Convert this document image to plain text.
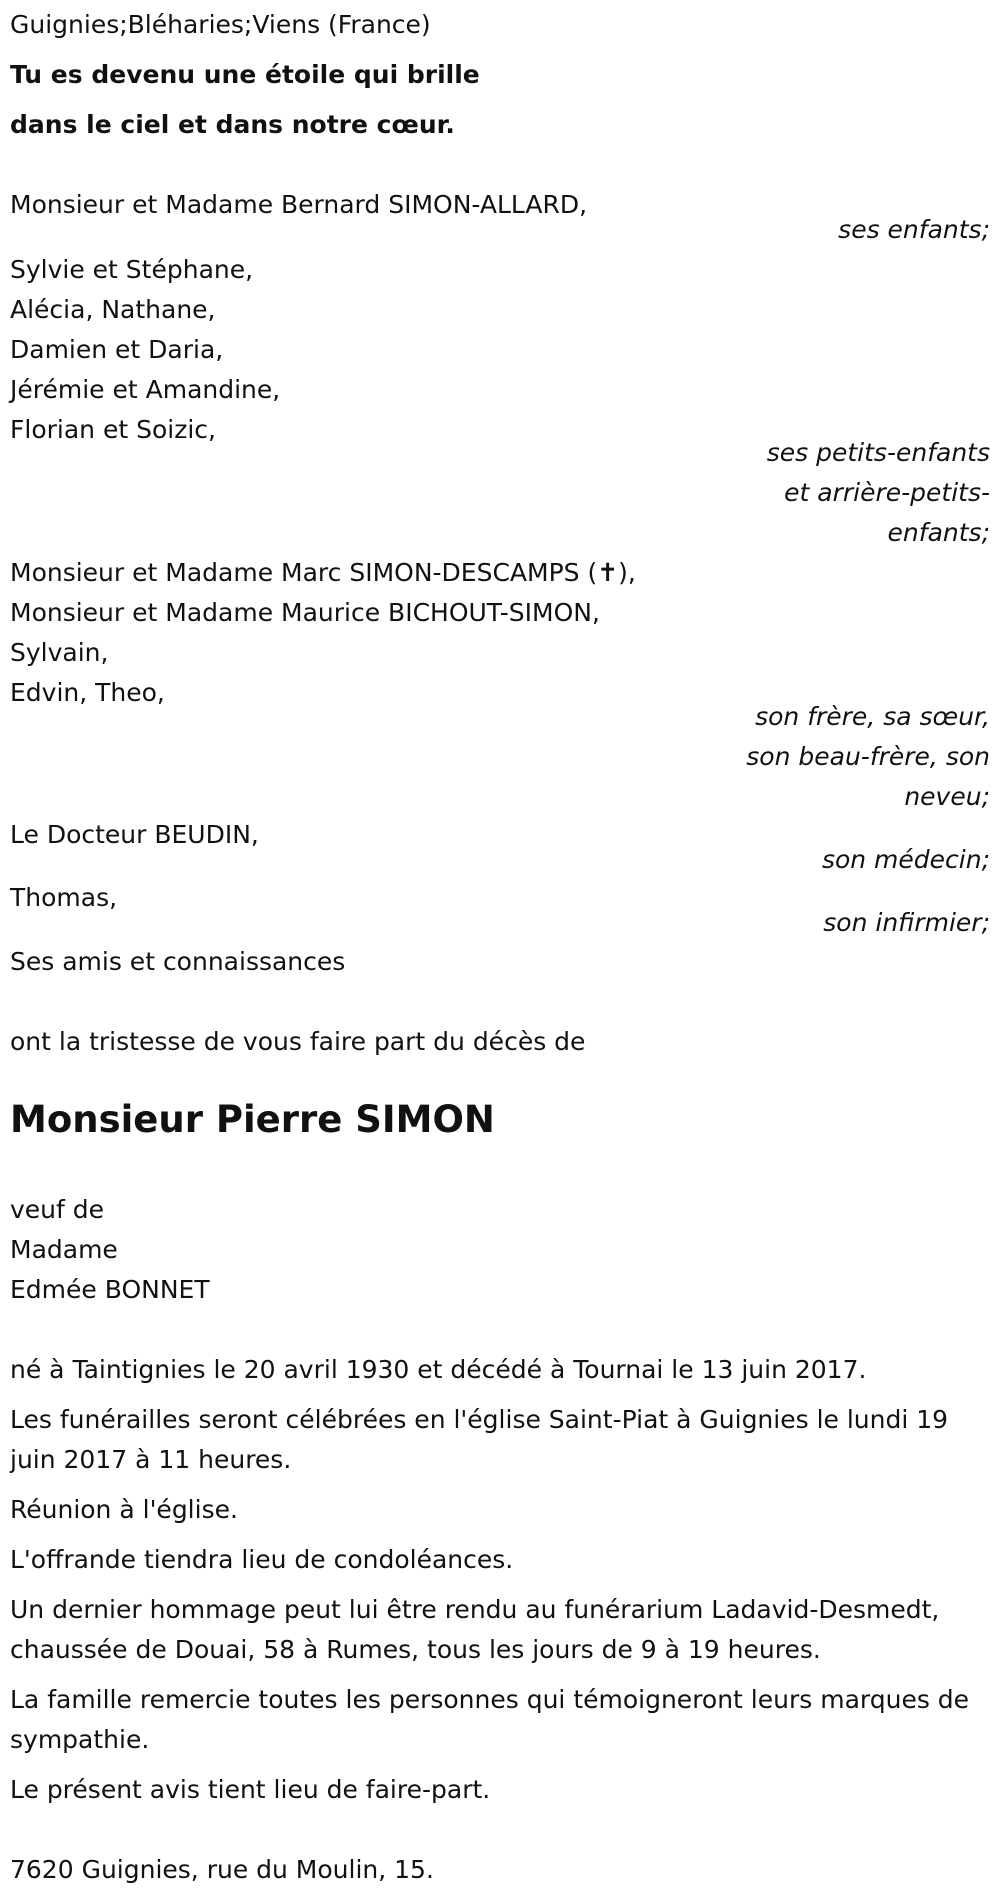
Guignies;Bléharies;Viens (France)
Tu es devenu une étoile qui brille
dans le ciel et dans notre cœur.
Monsieur et Madame Bernard SIMON-ALLARD,
ses enfants;
Sylvie et Stéphane,
Alécia, Nathane,
Damien et Daria,
Jérémie et Amandine,
Florian et Soizic,
ses petits-enfants
et arrière-petits-
enfants;
Monsieur et Madame Marc SIMON-DESCAMPS (✝),
Monsieur et Madame Maurice BICHOUT-SIMON,
Sylvain,
Edvin, Theo,
son frère, sa sœur,
son beau-frère, son
neveu;
Le Docteur BEUDIN,
son médecin;
Thomas,
son infirmier;
Ses amis et connaissances
ont la tristesse de vous faire part du décès de
Monsieur Pierre SIMON
veuf de
Madame
Edmée BONNET
né à Taintignies le 20 avril 1930 et décédé à Tournai le 13 juin 2017.
Les funérailles seront célébrées en l'église Saint-Piat à Guignies le lundi 19 juin 2017 à 11 heures.
Réunion à l'église.
L'offrande tiendra lieu de condoléances.
Un dernier hommage peut lui être rendu au funérarium Ladavid-Desmedt, chaussée de Douai, 58 à Rumes, tous les jours de 9 à 19 heures.
La famille remercie toutes les personnes qui témoigneront leurs marques de sympathie.
Le présent avis tient lieu de faire-part.
7620 Guignies, rue du Moulin, 15.
